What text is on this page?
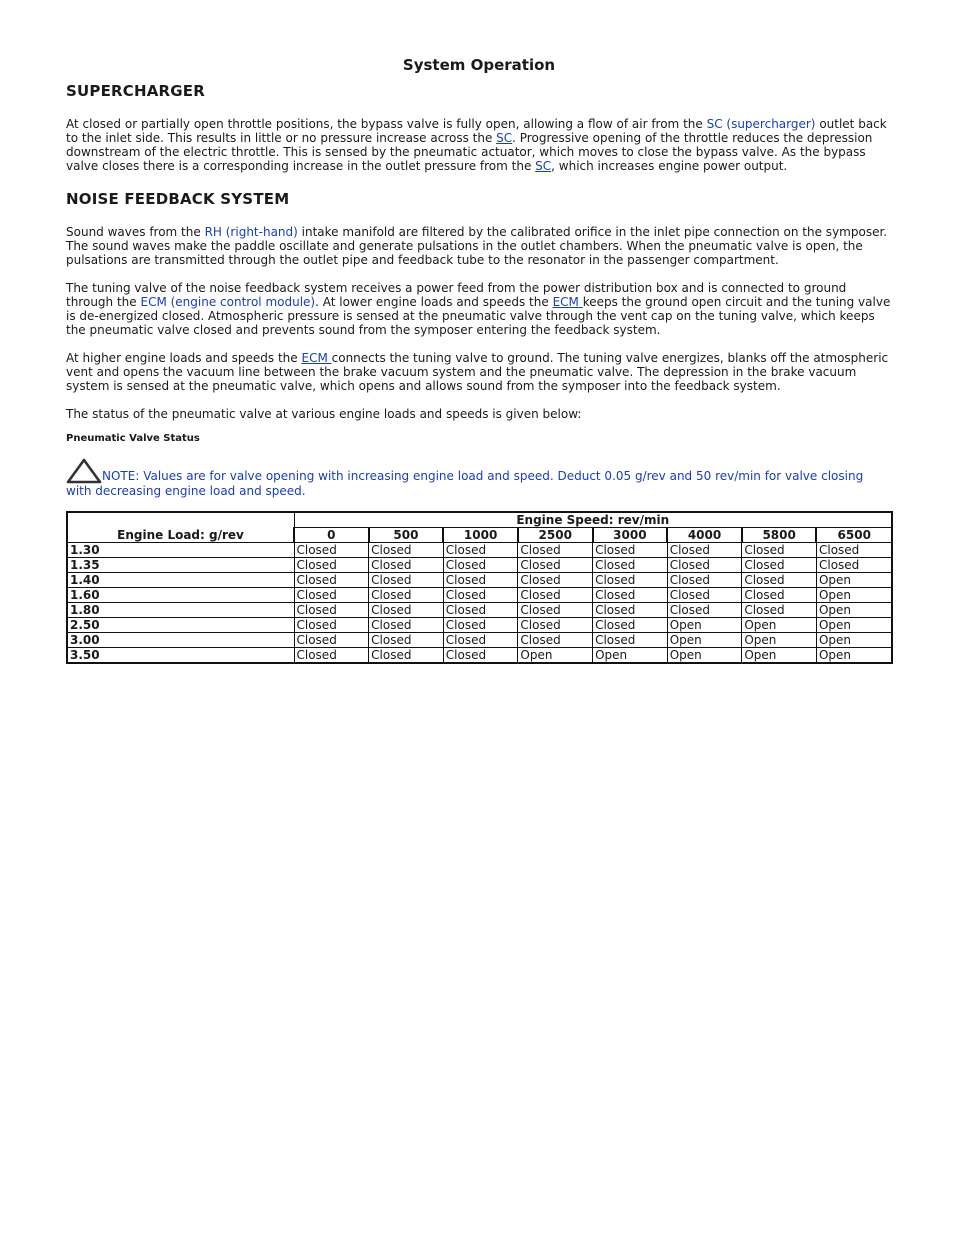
System Operation
SUPERCHARGER

At closed or partially open throttle positions, the bypass valve is fully open, allowing a flow of air from the SC (supercharger) outlet back to the inlet side. This results in little or no pressure increase across the SC. Progressive opening of the throttle reduces the depression downstream of the electric throttle. This is sensed by the pneumatic actuator, which moves to close the bypass valve. As the bypass valve closes there is a corresponding increase in the outlet pressure from the SC, which increases engine power output.

NOISE FEEDBACK SYSTEM

Sound waves from the RH (right-hand) intake manifold are filtered by the calibrated orifice in the inlet pipe connection on the symposer. The sound waves make the paddle oscillate and generate pulsations in the outlet chambers. When the pneumatic valve is open, the pulsations are transmitted through the outlet pipe and feedback tube to the resonator in the passenger compartment.

The tuning valve of the noise feedback system receives a power feed from the power distribution box and is connected to ground through the ECM (engine control module). At lower engine loads and speeds the ECM keeps the ground open circuit and the tuning valve is de-energized closed. Atmospheric pressure is sensed at the pneumatic valve through the vent cap on the tuning valve, which keeps the pneumatic valve closed and prevents sound from the symposer entering the feedback system.

At higher engine loads and speeds the ECM connects the tuning valve to ground. The tuning valve energizes, blanks off the atmospheric vent and opens the vacuum line between the brake vacuum system and the pneumatic valve. The depression in the brake vacuum system is sensed at the pneumatic valve, which opens and allows sound from the symposer into the feedback system.

The status of the pneumatic valve at various engine loads and speeds is given below:

Pneumatic Valve Status
NOTE: Values are for valve opening with increasing engine load and speed. Deduct 0.05 g/rev and 50 rev/min for valve closing with decreasing engine load and speed.
Engine Load: g/rev	Engine Speed: rev/min							
	0	500	1000	2500	3000	4000	5800	6500
1.30	Closed	Closed	Closed	Closed	Closed	Closed	Closed	Closed
1.35	Closed	Closed	Closed	Closed	Closed	Closed	Closed	Closed
1.40	Closed	Closed	Closed	Closed	Closed	Closed	Closed	Open
1.60	Closed	Closed	Closed	Closed	Closed	Closed	Closed	Open
1.80	Closed	Closed	Closed	Closed	Closed	Closed	Closed	Open
2.50	Closed	Closed	Closed	Closed	Closed	Open	Open	Open
3.00	Closed	Closed	Closed	Closed	Closed	Open	Open	Open
3.50	Closed	Closed	Closed	Open	Open	Open	Open	Open
